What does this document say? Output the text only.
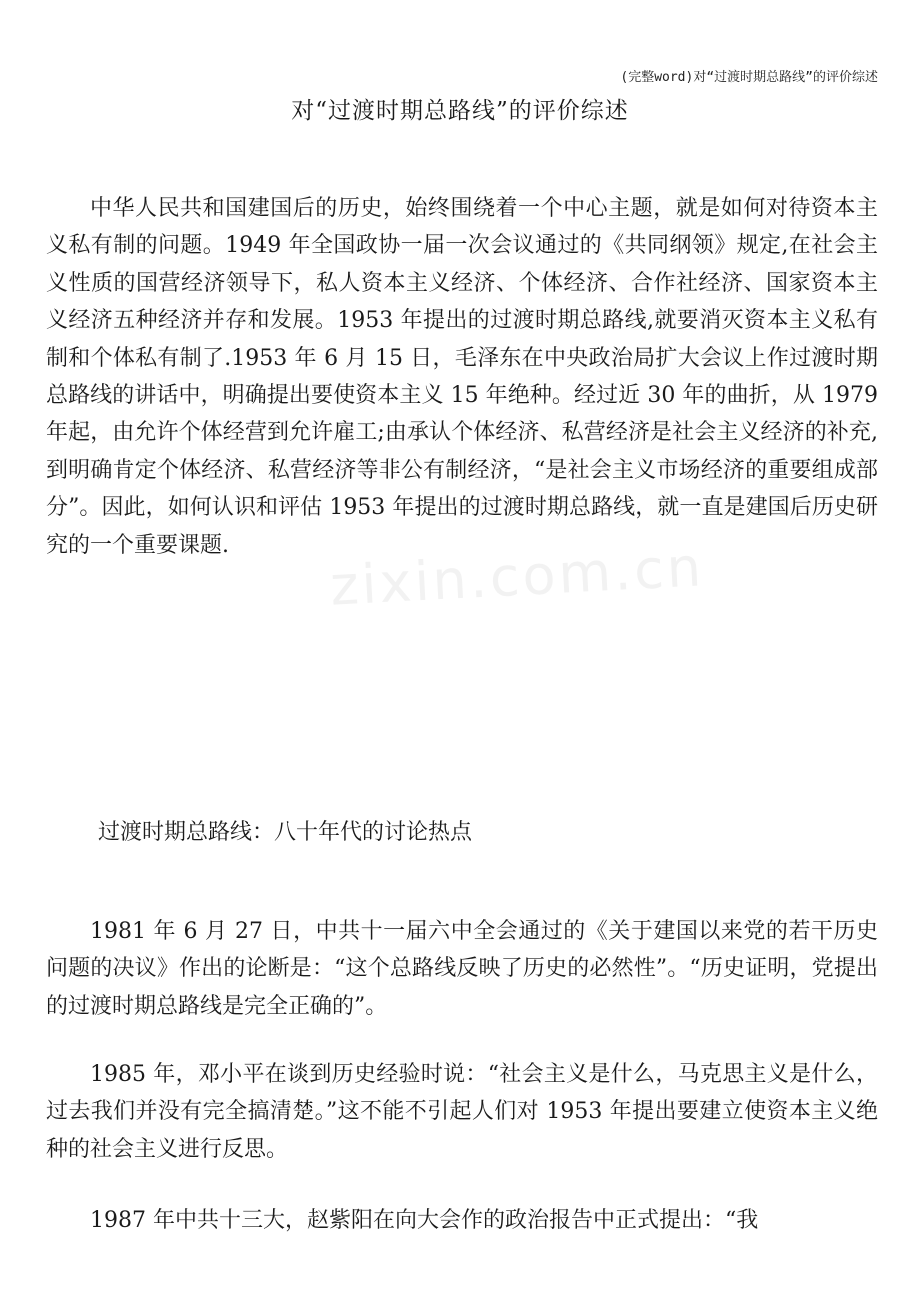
(完整word)对“过渡时期总路线”的评价综述
对“过渡时期总路线”的评价综述

中华人民共和国建国后的历史，始终围绕着一个中心主题，就是如何对待资本主义私有制的问题。1949 年全国政协一届一次会议通过的《共同纲领》规定,在社会主义性质的国营经济领导下，私人资本主义经济、个体经济、合作社经济、国家资本主义经济五种经济并存和发展。1953 年提出的过渡时期总路线,就要消灭资本主义私有制和个体私有制了.1953 年 6 月 15 日，毛泽东在中央政治局扩大会议上作过渡时期总路线的讲话中，明确提出要使资本主义 15 年绝种。经过近 30 年的曲折，从 1979 年起，由允许个体经营到允许雇工;由承认个体经济、私营经济是社会主义经济的补充,到明确肯定个体经济、私营经济等非公有制经济，“是社会主义市场经济的重要组成部分”。因此，如何认识和评估 1953 年提出的过渡时期总路线，就一直是建国后历史研究的一个重要课题.

过渡时期总路线：八十年代的讨论热点

1981 年 6 月 27 日，中共十一届六中全会通过的《关于建国以来党的若干历史问题的决议》作出的论断是：“这个总路线反映了历史的必然性”。“历史证明，党提出的过渡时期总路线是完全正确的”。

1985 年，邓小平在谈到历史经验时说：“社会主义是什么，马克思主义是什么，过去我们并没有完全搞清楚。”这不能不引起人们对 1953 年提出要建立使资本主义绝种的社会主义进行反思。

1987 年中共十三大，赵紫阳在向大会作的政治报告中正式提出：“我

zixin.com.cn
